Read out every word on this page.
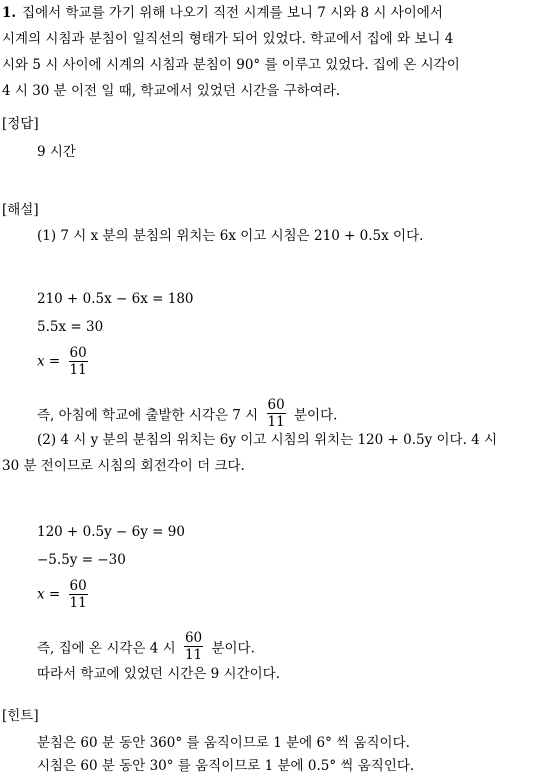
1. 집에서 학교를 가기 위해 나오기 직전 시계를 보니 7 시와 8 시 사이에서
시계의 시침과 분침이 일직선의 형태가 되어 있었다. 학교에서 집에 와 보니 4
시와 5 시 사이에 시계의 시침과 분침이 90° 를 이루고 있었다. 집에 온 시각이
4 시 30 분 이전 일 때, 학교에서 있었던 시간을 구하여라.
[정답]
9 시간
[해설]
(1) 7 시 x 분의 분침의 위치는 6x 이고 시침은 210 + 0.5x 이다.
210 + 0.5x − 6x = 180
5.5x = 30
$x = \frac{60}{11}$
즉, 아침에 학교에 출발한 시각은 7 시 $\frac{60}{11}$ 분이다.
(2) 4 시 y 분의 분침의 위치는 6y 이고 시침의 위치는 120 + 0.5y 이다. 4 시
30 분 전이므로 시침의 회전각이 더 크다.
120 + 0.5y − 6y = 90
−5.5y = −30
$x = \frac{60}{11}$
즉, 집에 온 시각은 4 시 $\frac{60}{11}$ 분이다.
따라서 학교에 있었던 시간은 9 시간이다.
[힌트]
분침은 60 분 동안 360° 를 움직이므로 1 분에 6° 씩 움직이다.
시침은 60 분 동안 30° 를 움직이므로 1 분에 0.5° 씩 움직인다.
